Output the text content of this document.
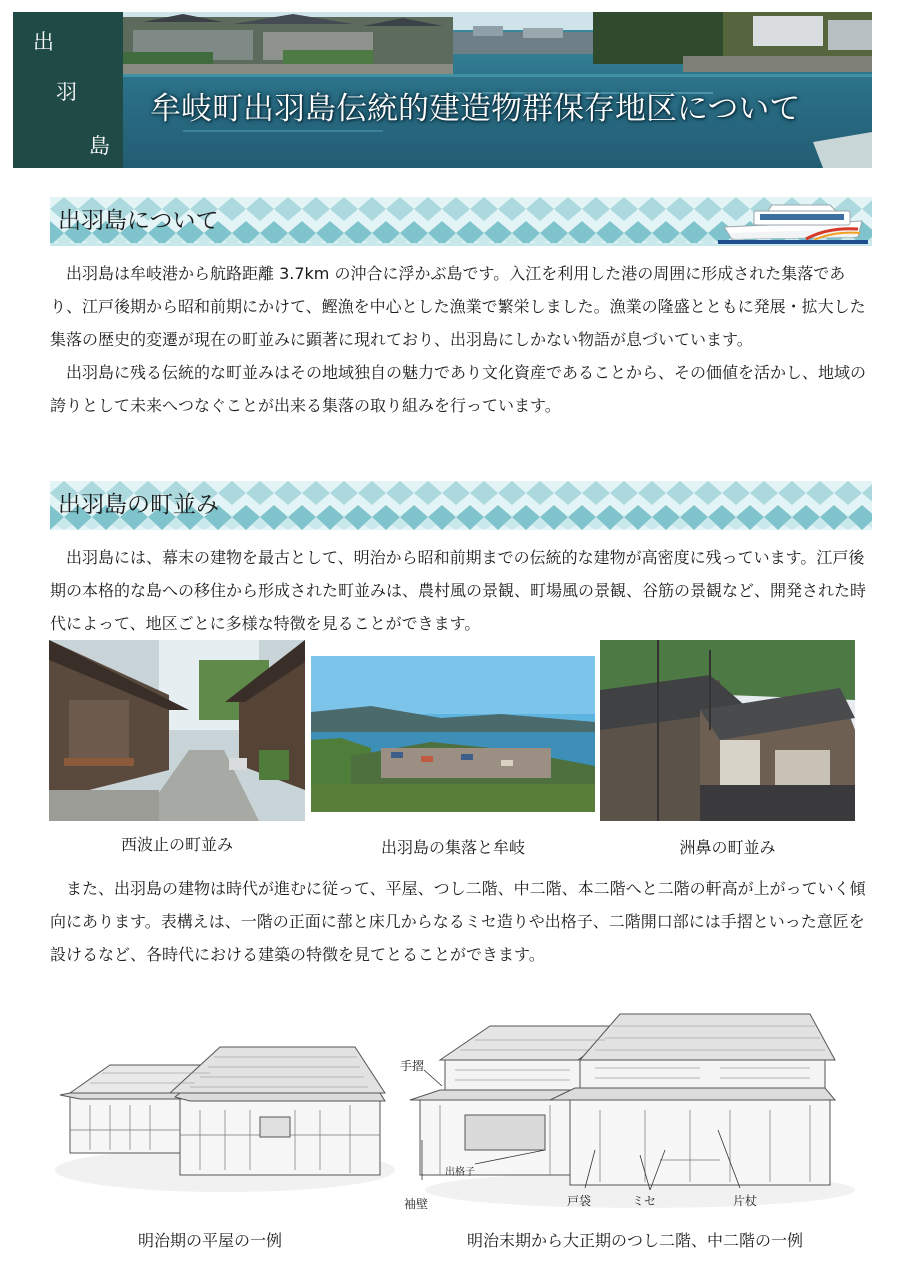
出
羽
島
牟岐町出羽島伝統的建造物群保存地区について
出羽島について

出羽島は牟岐港から航路距離 3.7km の沖合に浮かぶ島です。入江を利用した港の周囲に形成された集落であり、江戸後期から昭和前期にかけて、鰹漁を中心とした漁業で繁栄しました。漁業の隆盛とともに発展・拡大した集落の歴史的変遷が現在の町並みに顕著に現れており、出羽島にしかない物語が息づいています。

出羽島に残る伝統的な町並みはその地域独自の魅力であり文化資産であることから、その価値を活かし、地域の誇りとして未来へつなぐことが出来る集落の取り組みを行っています。

出羽島の町並み

出羽島には、幕末の建物を最古として、明治から昭和前期までの伝統的な建物が高密度に残っています。江戸後期の本格的な島への移住から形成された町並みは、農村風の景観、町場風の景観、谷筋の景観など、開発された時代によって、地区ごとに多様な特徴を見ることができます。

西波止の町並み	出羽島の集落と牟岐	洲鼻の町並み

また、出羽島の建物は時代が進むに従って、平屋、つし二階、中二階、本二階へと二階の軒高が上がっていく傾向にあります。表構えは、一階の正面に蔀と床几からなるミセ造りや出格子、二階開口部には手摺といった意匠を設けるなど、各時代における建築の特徴を見てとることができます。

手摺
出格子
袖壁	戸袋	ミセ	片杖
明治期の平屋の一例	明治末期から大正期のつし二階、中二階の一例
